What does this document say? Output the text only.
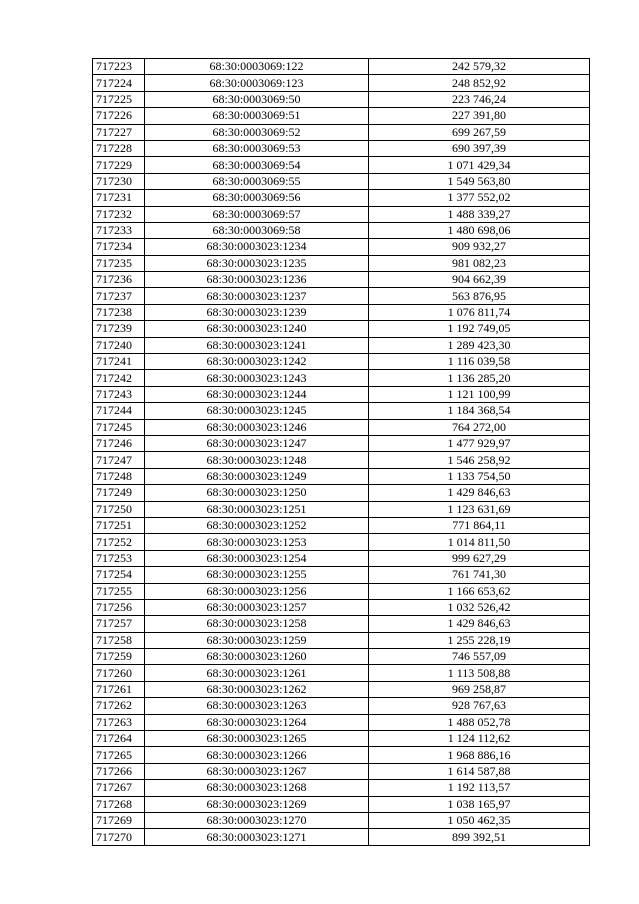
717223	68:30:0003069:122	242 579,32
717224	68:30:0003069:123	248 852,92
717225	68:30:0003069:50	223 746,24
717226	68:30:0003069:51	227 391,80
717227	68:30:0003069:52	699 267,59
717228	68:30:0003069:53	690 397,39
717229	68:30:0003069:54	1 071 429,34
717230	68:30:0003069:55	1 549 563,80
717231	68:30:0003069:56	1 377 552,02
717232	68:30:0003069:57	1 488 339,27
717233	68:30:0003069:58	1 480 698,06
717234	68:30:0003023:1234	909 932,27
717235	68:30:0003023:1235	981 082,23
717236	68:30:0003023:1236	904 662,39
717237	68:30:0003023:1237	563 876,95
717238	68:30:0003023:1239	1 076 811,74
717239	68:30:0003023:1240	1 192 749,05
717240	68:30:0003023:1241	1 289 423,30
717241	68:30:0003023:1242	1 116 039,58
717242	68:30:0003023:1243	1 136 285,20
717243	68:30:0003023:1244	1 121 100,99
717244	68:30:0003023:1245	1 184 368,54
717245	68:30:0003023:1246	764 272,00
717246	68:30:0003023:1247	1 477 929,97
717247	68:30:0003023:1248	1 546 258,92
717248	68:30:0003023:1249	1 133 754,50
717249	68:30:0003023:1250	1 429 846,63
717250	68:30:0003023:1251	1 123 631,69
717251	68:30:0003023:1252	771 864,11
717252	68:30:0003023:1253	1 014 811,50
717253	68:30:0003023:1254	999 627,29
717254	68:30:0003023:1255	761 741,30
717255	68:30:0003023:1256	1 166 653,62
717256	68:30:0003023:1257	1 032 526,42
717257	68:30:0003023:1258	1 429 846,63
717258	68:30:0003023:1259	1 255 228,19
717259	68:30:0003023:1260	746 557,09
717260	68:30:0003023:1261	1 113 508,88
717261	68:30:0003023:1262	969 258,87
717262	68:30:0003023:1263	928 767,63
717263	68:30:0003023:1264	1 488 052,78
717264	68:30:0003023:1265	1 124 112,62
717265	68:30:0003023:1266	1 968 886,16
717266	68:30:0003023:1267	1 614 587,88
717267	68:30:0003023:1268	1 192 113,57
717268	68:30:0003023:1269	1 038 165,97
717269	68:30:0003023:1270	1 050 462,35
717270	68:30:0003023:1271	899 392,51
